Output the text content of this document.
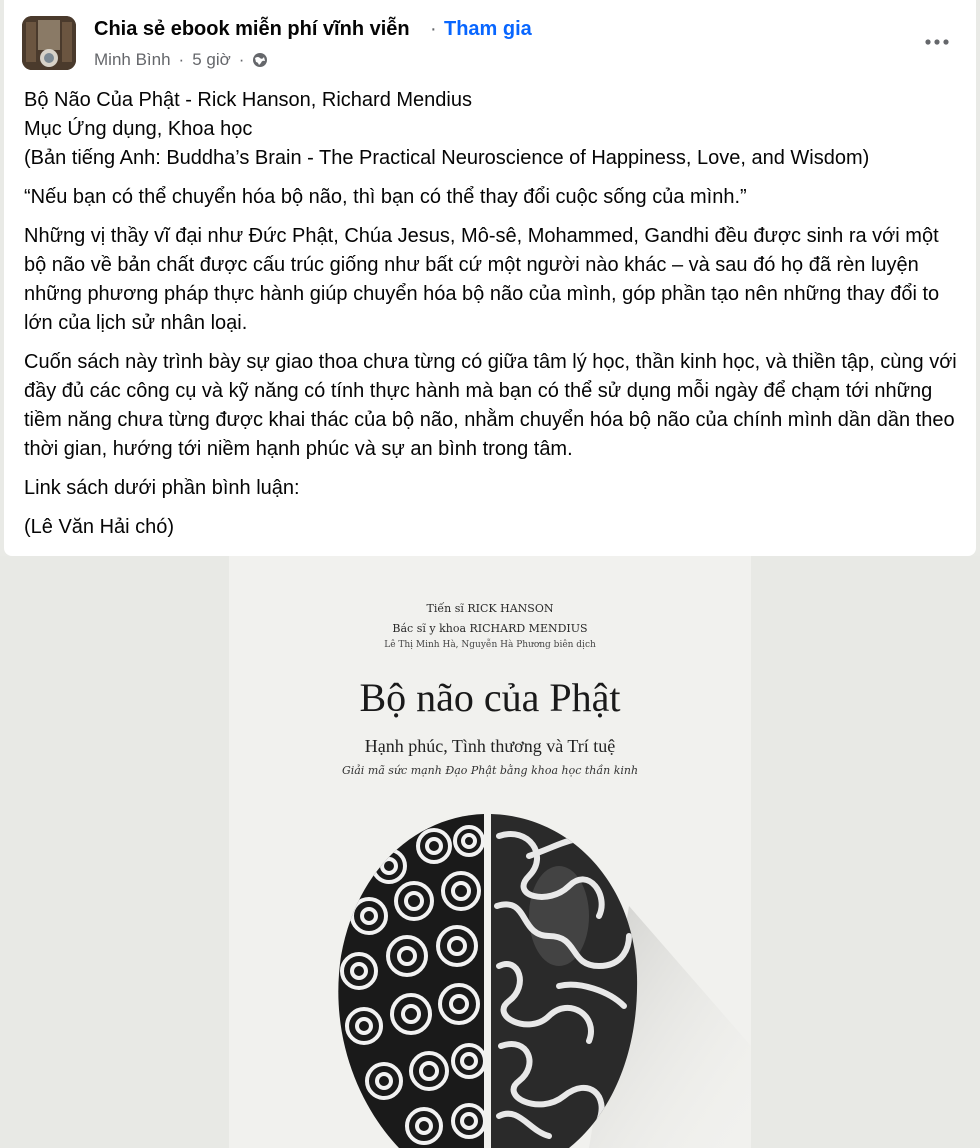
Chia sẻ ebook miễn phí vĩnh viễn · Tham gia
Minh Bình · 5 giờ ·

Bộ Não Của Phật - Rick Hanson, Richard Mendius
Mục Ứng dụng, Khoa học
(Bản tiếng Anh: Buddha’s Brain - The Practical Neuroscience of Happiness, Love, and Wisdom)

“Nếu bạn có thể chuyển hóa bộ não, thì bạn có thể thay đổi cuộc sống của mình.”

Những vị thầy vĩ đại như Đức Phật, Chúa Jesus, Mô-sê, Mohammed, Gandhi đều được sinh ra với một bộ não về bản chất được cấu trúc giống như bất cứ một người nào khác – và sau đó họ đã rèn luyện những phương pháp thực hành giúp chuyển hóa bộ não của mình, góp phần tạo nên những thay đổi to lớn của lịch sử nhân loại.

Cuốn sách này trình bày sự giao thoa chưa từng có giữa tâm lý học, thần kinh học, và thiền tập, cùng với đầy đủ các công cụ và kỹ năng có tính thực hành mà bạn có thể sử dụng mỗi ngày để chạm tới những tiềm năng chưa từng được khai thác của bộ não, nhằm chuyển hóa bộ não của chính mình dần dần theo thời gian, hướng tới niềm hạnh phúc và sự an bình trong tâm.

Link sách dưới phần bình luận:

(Lê Văn Hải chó)

Tiến sĩ RICK HANSON
Bác sĩ y khoa RICHARD MENDIUS
Lê Thị Minh Hà, Nguyễn Hà Phương biên dịch
Bộ não của Phật
Hạnh phúc, Tình thương và Trí tuệ
Giải mã sức mạnh Đạo Phật bằng khoa học thần kinh
